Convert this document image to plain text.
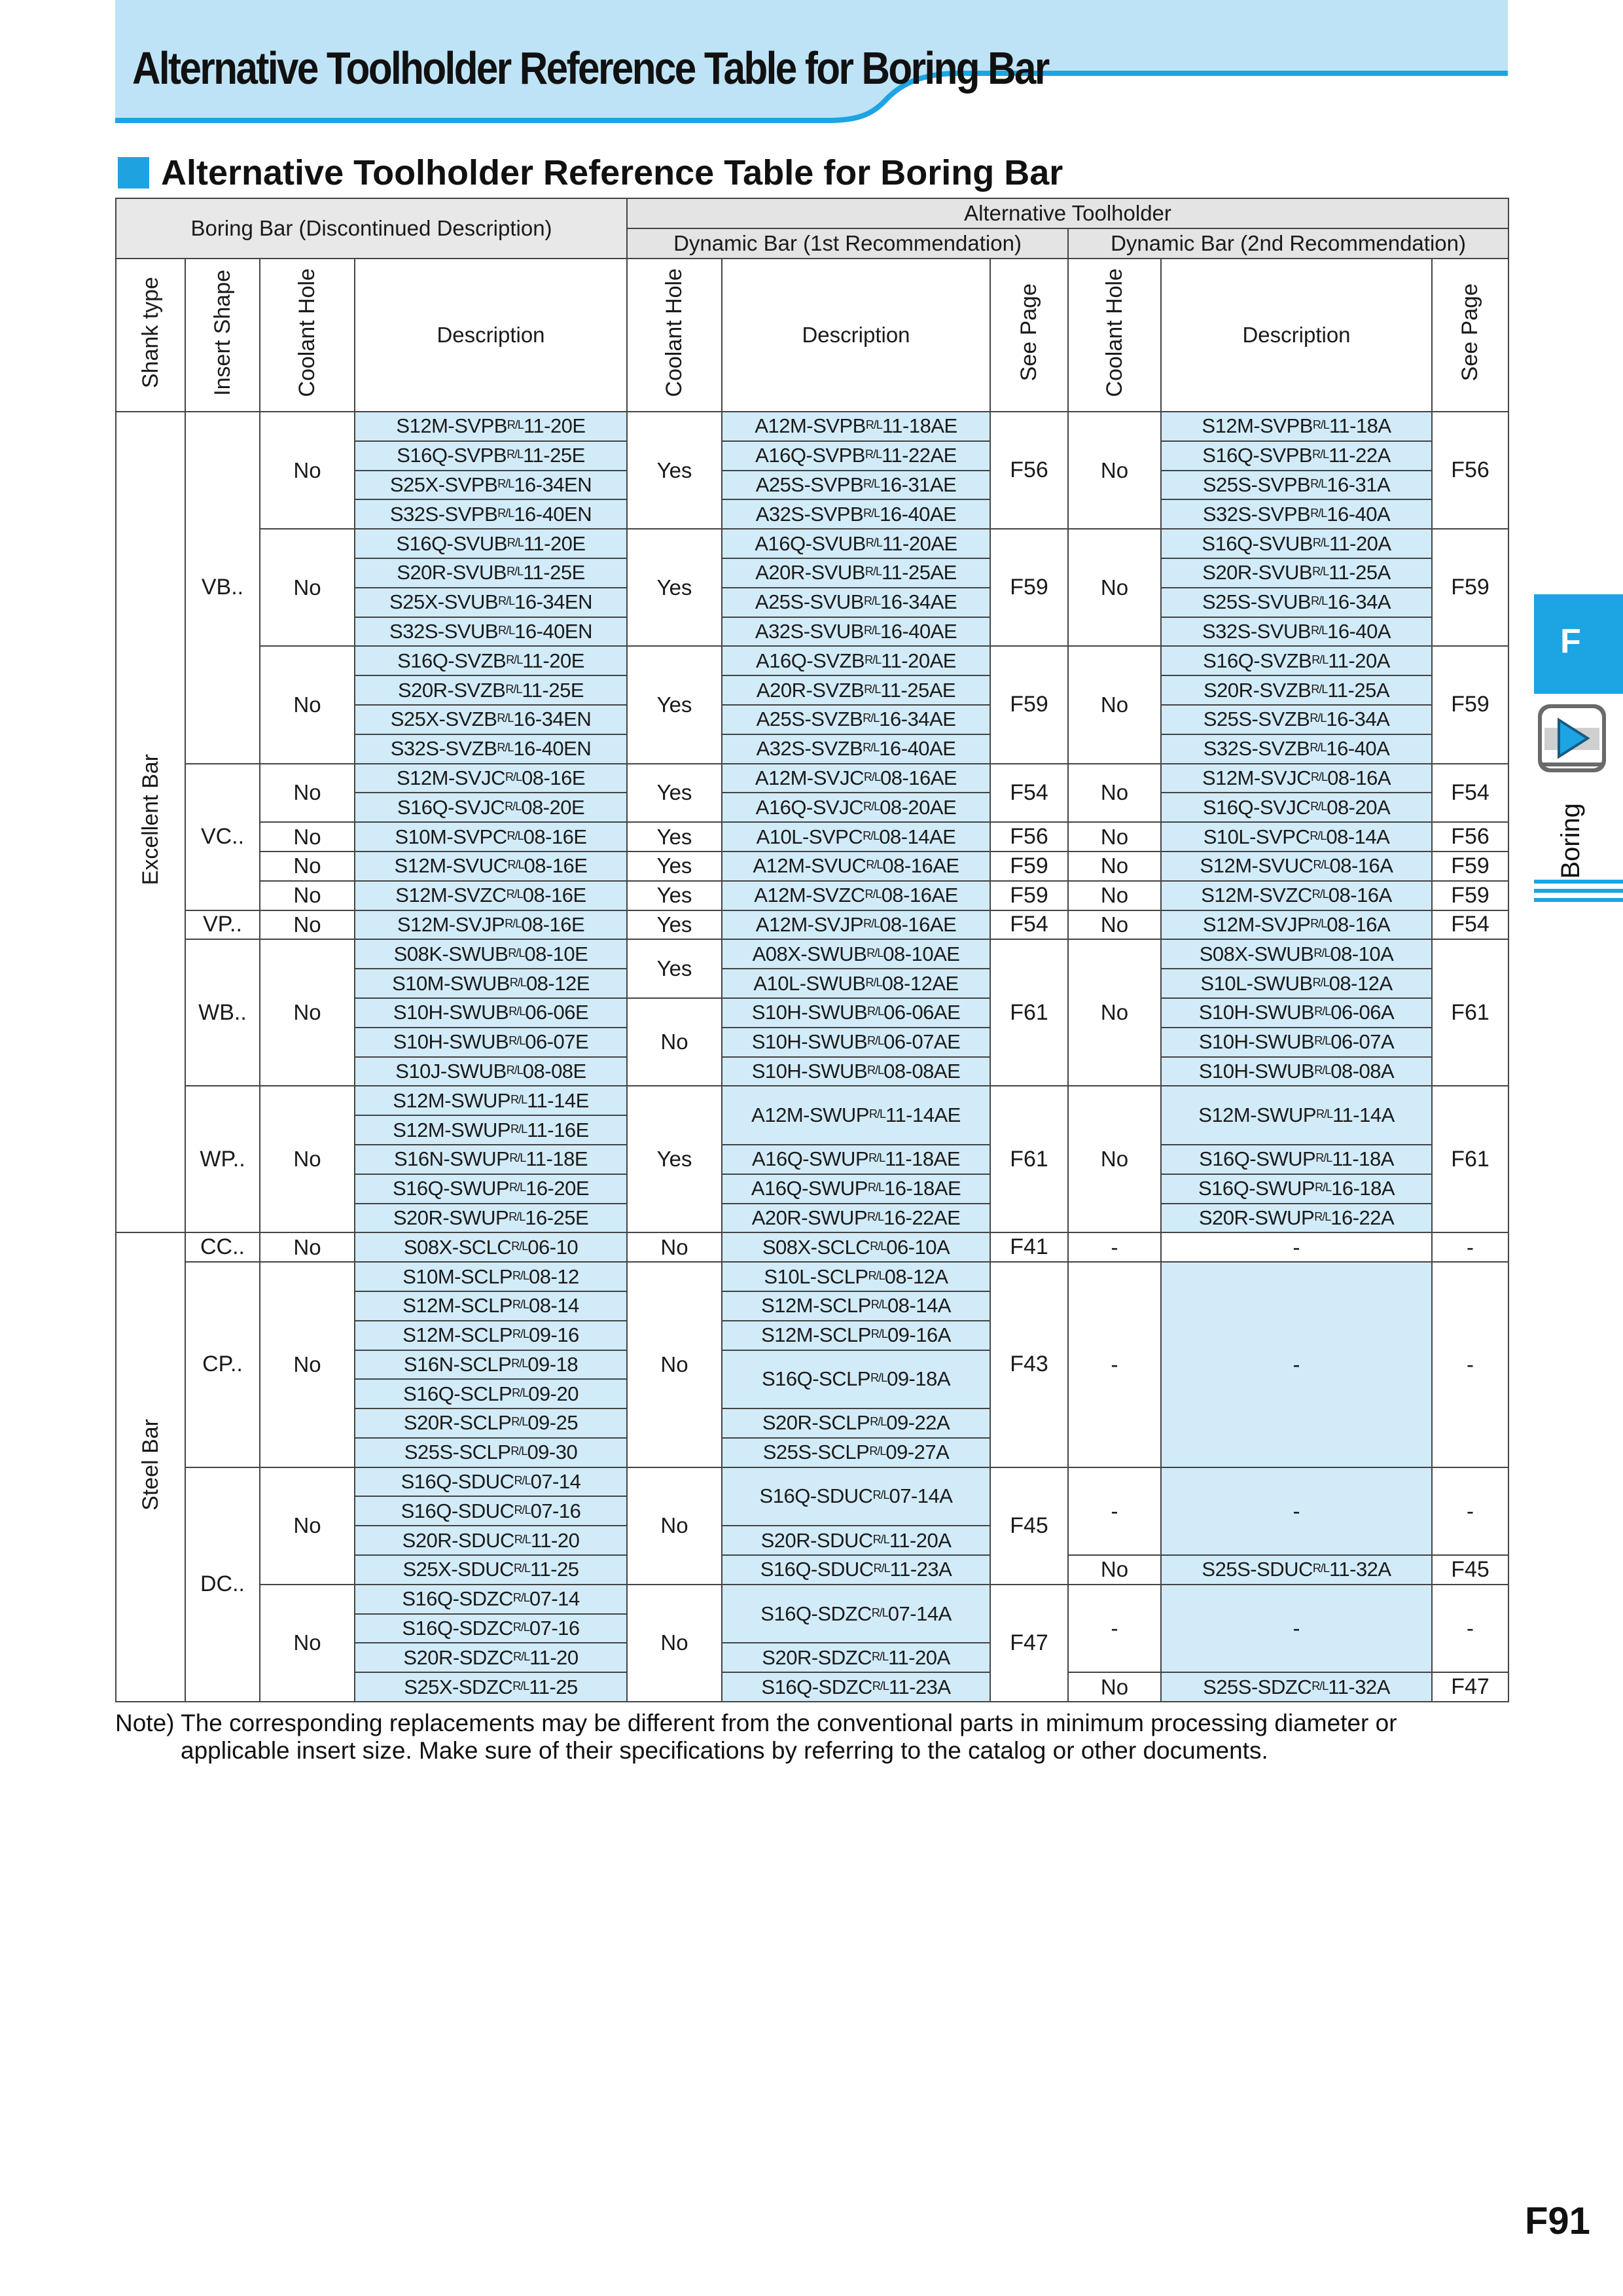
Alternative Toolholder Reference Table for Boring Bar
Alternative Toolholder Reference Table for Boring Bar
Boring Bar (Discontinued Description)				Alternative Toolholder					
				Dynamic Bar (1st Recommendation)			Dynamic Bar (2nd Recommendation)		
Shank type	Insert Shape	Coolant Hole	Description	Coolant Hole	Description	See Page	Coolant Hole	Description	See Page
Excellent Bar	VB..	No	S12M-SVPBR/L11-20E	Yes	A12M-SVPBR/L11-18AE	F56	No	S12M-SVPBR/L11-18A	F56
			S16Q-SVPBR/L11-25E		A16Q-SVPBR/L11-22AE			S16Q-SVPBR/L11-22A	
			S25X-SVPBR/L16-34EN		A25S-SVPBR/L16-31AE			S25S-SVPBR/L16-31A	
			S32S-SVPBR/L16-40EN		A32S-SVPBR/L16-40AE			S32S-SVPBR/L16-40A	
		No	S16Q-SVUBR/L11-20E	Yes	A16Q-SVUBR/L11-20AE	F59	No	S16Q-SVUBR/L11-20A	F59
			S20R-SVUBR/L11-25E		A20R-SVUBR/L11-25AE			S20R-SVUBR/L11-25A	
			S25X-SVUBR/L16-34EN		A25S-SVUBR/L16-34AE			S25S-SVUBR/L16-34A	
			S32S-SVUBR/L16-40EN		A32S-SVUBR/L16-40AE			S32S-SVUBR/L16-40A	
		No	S16Q-SVZBR/L11-20E	Yes	A16Q-SVZBR/L11-20AE	F59	No	S16Q-SVZBR/L11-20A	F59
			S20R-SVZBR/L11-25E		A20R-SVZBR/L11-25AE			S20R-SVZBR/L11-25A	
			S25X-SVZBR/L16-34EN		A25S-SVZBR/L16-34AE			S25S-SVZBR/L16-34A	
			S32S-SVZBR/L16-40EN		A32S-SVZBR/L16-40AE			S32S-SVZBR/L16-40A	
	VC..	No	S12M-SVJCR/L08-16E	Yes	A12M-SVJCR/L08-16AE	F54	No	S12M-SVJCR/L08-16A	F54
			S16Q-SVJCR/L08-20E		A16Q-SVJCR/L08-20AE			S16Q-SVJCR/L08-20A	
		No	S10M-SVPCR/L08-16E	Yes	A10L-SVPCR/L08-14AE	F56	No	S10L-SVPCR/L08-14A	F56
		No	S12M-SVUCR/L08-16E	Yes	A12M-SVUCR/L08-16AE	F59	No	S12M-SVUCR/L08-16A	F59
		No	S12M-SVZCR/L08-16E	Yes	A12M-SVZCR/L08-16AE	F59	No	S12M-SVZCR/L08-16A	F59
	VP..	No	S12M-SVJPR/L08-16E	Yes	A12M-SVJPR/L08-16AE	F54	No	S12M-SVJPR/L08-16A	F54
	WB..	No	S08K-SWUBR/L08-10E	Yes	A08X-SWUBR/L08-10AE	F61	No	S08X-SWUBR/L08-10A	F61
			S10M-SWUBR/L08-12E		A10L-SWUBR/L08-12AE			S10L-SWUBR/L08-12A	
			S10H-SWUBR/L06-06E	No	S10H-SWUBR/L06-06AE			S10H-SWUBR/L06-06A	
			S10H-SWUBR/L06-07E		S10H-SWUBR/L06-07AE			S10H-SWUBR/L06-07A	
			S10J-SWUBR/L08-08E		S10H-SWUBR/L08-08AE			S10H-SWUBR/L08-08A	
	WP..	No	S12M-SWUPR/L11-14E	Yes	A12M-SWUPR/L11-14AE	F61	No	S12M-SWUPR/L11-14A	F61
			S12M-SWUPR/L11-16E						
			S16N-SWUPR/L11-18E		A16Q-SWUPR/L11-18AE			S16Q-SWUPR/L11-18A	
			S16Q-SWUPR/L16-20E		A16Q-SWUPR/L16-18AE			S16Q-SWUPR/L16-18A	
			S20R-SWUPR/L16-25E		A20R-SWUPR/L16-22AE			S20R-SWUPR/L16-22A	
Steel Bar	CC..	No	S08X-SCLCR/L06-10	No	S08X-SCLCR/L06-10A	F41	-	-	-
	CP..	No	S10M-SCLPR/L08-12	No	S10L-SCLPR/L08-12A	F43	-	-	-
			S12M-SCLPR/L08-14		S12M-SCLPR/L08-14A				
			S12M-SCLPR/L09-16		S12M-SCLPR/L09-16A				
			S16N-SCLPR/L09-18		S16Q-SCLPR/L09-18A				
			S16Q-SCLPR/L09-20						
			S20R-SCLPR/L09-25		S20R-SCLPR/L09-22A				
			S25S-SCLPR/L09-30		S25S-SCLPR/L09-27A				
	DC..	No	S16Q-SDUCR/L07-14	No	S16Q-SDUCR/L07-14A	F45	-	-	-
			S16Q-SDUCR/L07-16						
			S20R-SDUCR/L11-20		S20R-SDUCR/L11-20A				
			S25X-SDUCR/L11-25		S16Q-SDUCR/L11-23A		No	S25S-SDUCR/L11-32A	F45
		No	S16Q-SDZCR/L07-14	No	S16Q-SDZCR/L07-14A	F47	-	-	-
			S16Q-SDZCR/L07-16						
			S20R-SDZCR/L11-20		S20R-SDZCR/L11-20A				
			S25X-SDZCR/L11-25		S16Q-SDZCR/L11-23A		No	S25S-SDZCR/L11-32A	F47
Note) The corresponding replacements may be different from the conventional parts in minimum processing diameter or
applicable insert size. Make sure of their specifications by referring to the catalog or other documents.
F
Boring
F91
